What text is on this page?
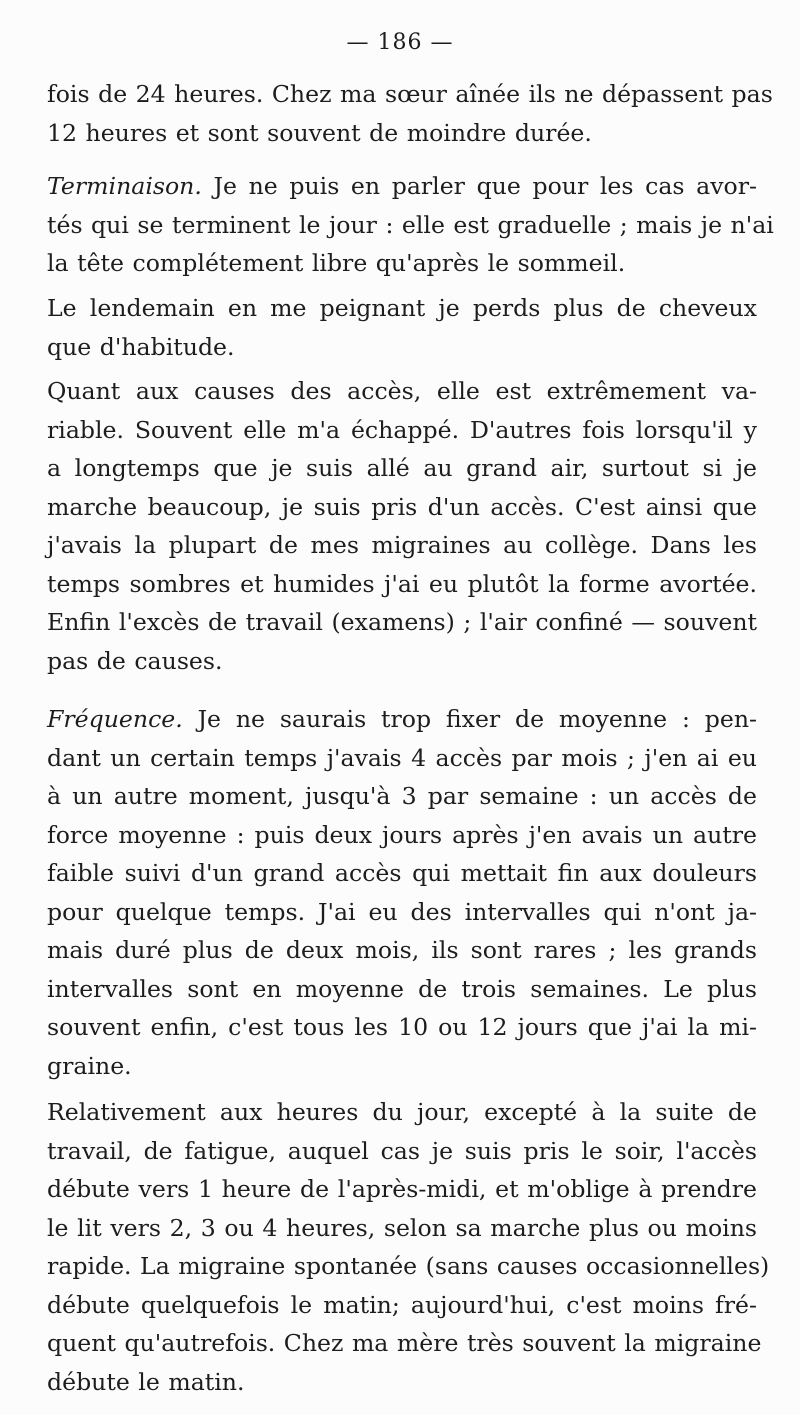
— 186 —
fois de 24 heures. Chez ma sœur aînée ils ne dépassent pas
12 heures et sont souvent de moindre durée.
Terminaison. Je ne puis en parler que pour les cas avor-
tés qui se terminent le jour : elle est graduelle ; mais je n'ai
la tête complétement libre qu'après le sommeil.
Le lendemain en me peignant je perds plus de cheveux
que d'habitude.
Quant aux causes des accès, elle est extrêmement va-
riable. Souvent elle m'a échappé. D'autres fois lorsqu'il y
a longtemps que je suis allé au grand air, surtout si je
marche beaucoup, je suis pris d'un accès. C'est ainsi que
j'avais la plupart de mes migraines au collège. Dans les
temps sombres et humides j'ai eu plutôt la forme avortée.
Enfin l'excès de travail (examens) ; l'air confiné — souvent
pas de causes.
Fréquence. Je ne saurais trop fixer de moyenne : pen-
dant un certain temps j'avais 4 accès par mois ; j'en ai eu
à un autre moment, jusqu'à 3 par semaine : un accès de
force moyenne : puis deux jours après j'en avais un autre
faible suivi d'un grand accès qui mettait fin aux douleurs
pour quelque temps. J'ai eu des intervalles qui n'ont ja-
mais duré plus de deux mois, ils sont rares ; les grands
intervalles sont en moyenne de trois semaines. Le plus
souvent enfin, c'est tous les 10 ou 12 jours que j'ai la mi-
graine.
Relativement aux heures du jour, excepté à la suite de
travail, de fatigue, auquel cas je suis pris le soir, l'accès
débute vers 1 heure de l'après-midi, et m'oblige à prendre
le lit vers 2, 3 ou 4 heures, selon sa marche plus ou moins
rapide. La migraine spontanée (sans causes occasionnelles)
débute quelquefois le matin; aujourd'hui, c'est moins fré-
quent qu'autrefois. Chez ma mère très souvent la migraine
débute le matin.
